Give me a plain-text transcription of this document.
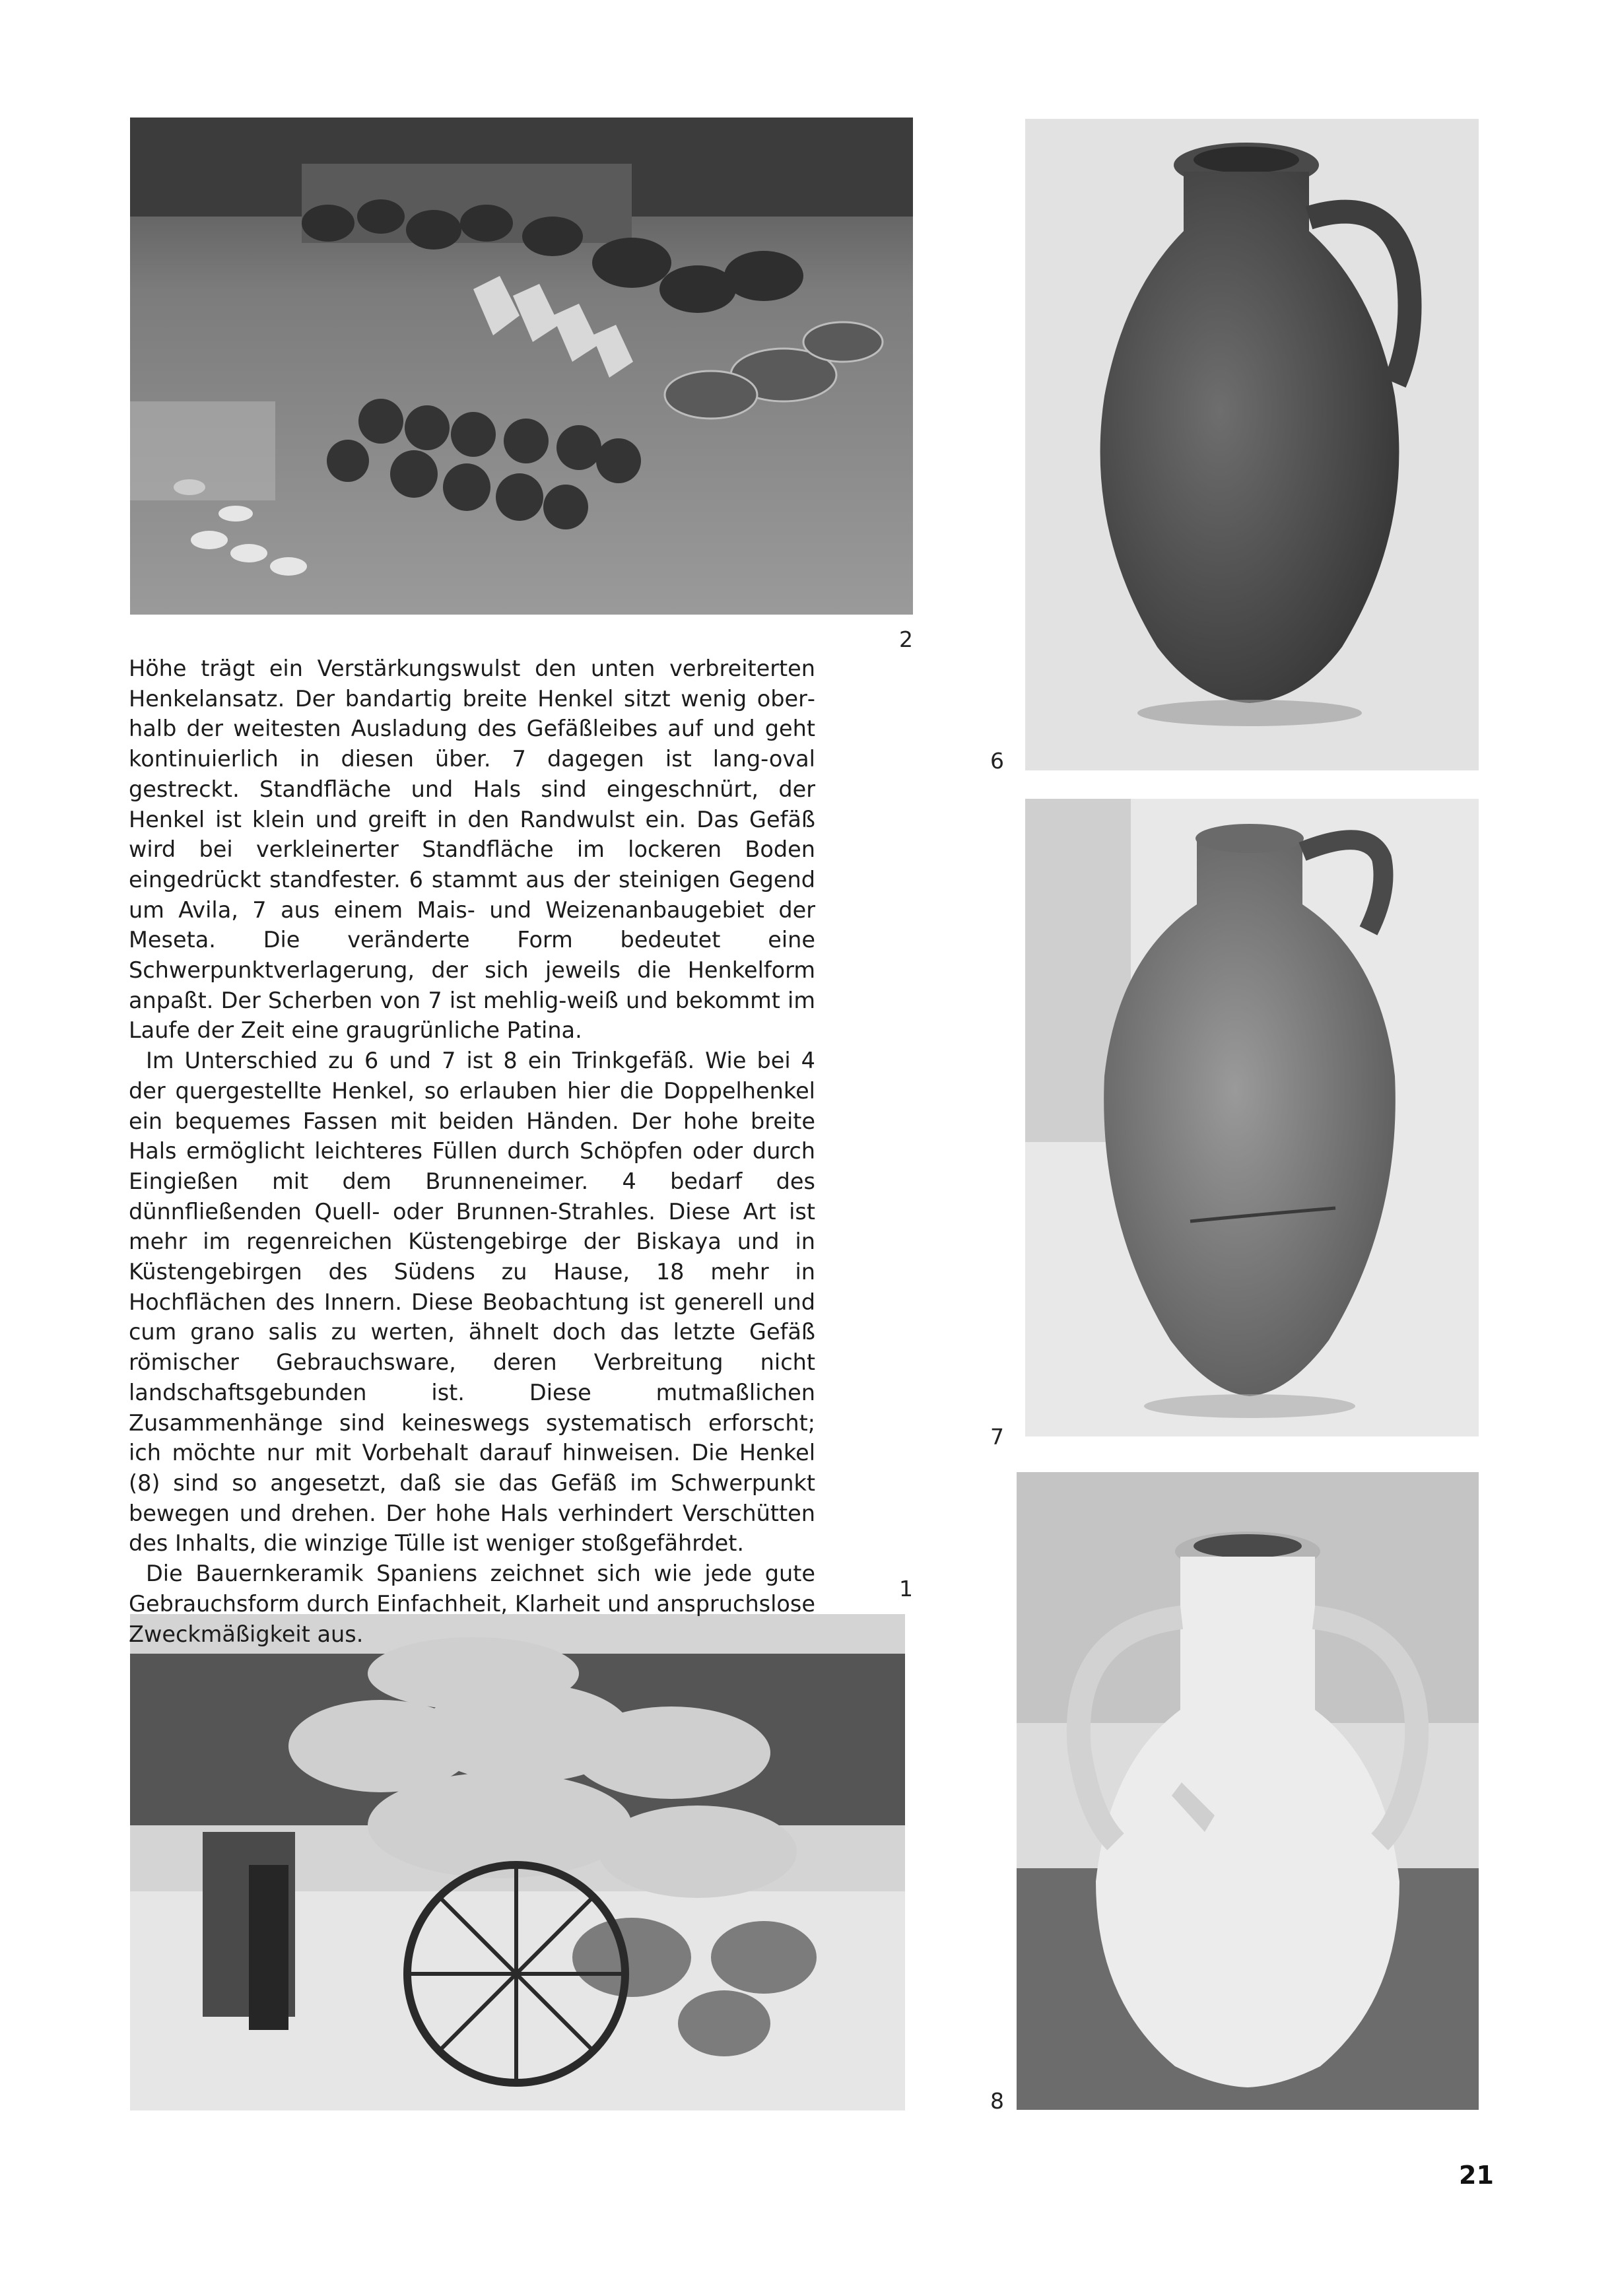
2
6
7
1
8

Höhe trägt ein Verstärkungswulst den unten verbreiterten Henkelansatz. Der bandartig breite Henkel sitzt wenig oberhalb der weitesten Ausladung des Gefäßleibes auf und geht kontinuierlich in diesen über. 7 dagegen ist lang-oval gestreckt. Standfläche und Hals sind eingeschnürt, der Henkel ist klein und greift in den Randwulst ein. Das Gefäß wird bei verkleinerter Standfläche im lockeren Boden eingedrückt standfester. 6 stammt aus der steinigen Gegend um Avila, 7 aus einem Mais- und Weizenanbaugebiet der Meseta. Die veränderte Form bedeutet eine Schwerpunktverlagerung, der sich jeweils die Henkelform anpaßt. Der Scherben von 7 ist mehlig-weiß und bekommt im Laufe der Zeit eine graugrünliche Patina.

Im Unterschied zu 6 und 7 ist 8 ein Trinkgefäß. Wie bei 4 der quergestellte Henkel, so erlauben hier die Doppelhenkel ein bequemes Fassen mit beiden Händen. Der hohe breite Hals ermöglicht leichteres Füllen durch Schöpfen oder durch Eingießen mit dem Brunneneimer. 4 bedarf des dünnfließenden Quell- oder Brunnen-Strahles. Diese Art ist mehr im regenreichen Küstengebirge der Biskaya und in Küstengebirgen des Südens zu Hause, 18 mehr in Hochflächen des Innern. Diese Beobachtung ist generell und cum grano salis zu werten, ähnelt doch das letzte Gefäß römischer Gebrauchsware, deren Verbreitung nicht landschaftsgebunden ist. Diese mutmaßlichen Zusammenhänge sind keineswegs systematisch erforscht; ich möchte nur mit Vorbehalt darauf hinweisen. Die Henkel (8) sind so angesetzt, daß sie das Gefäß im Schwerpunkt bewegen und drehen. Der hohe Hals verhindert Verschütten des Inhalts, die winzige Tülle ist weniger stoßgefährdet.

Die Bauernkeramik Spaniens zeichnet sich wie jede gute Gebrauchsform durch Einfachheit, Klarheit und anspruchslose Zweckmäßigkeit aus.

21
